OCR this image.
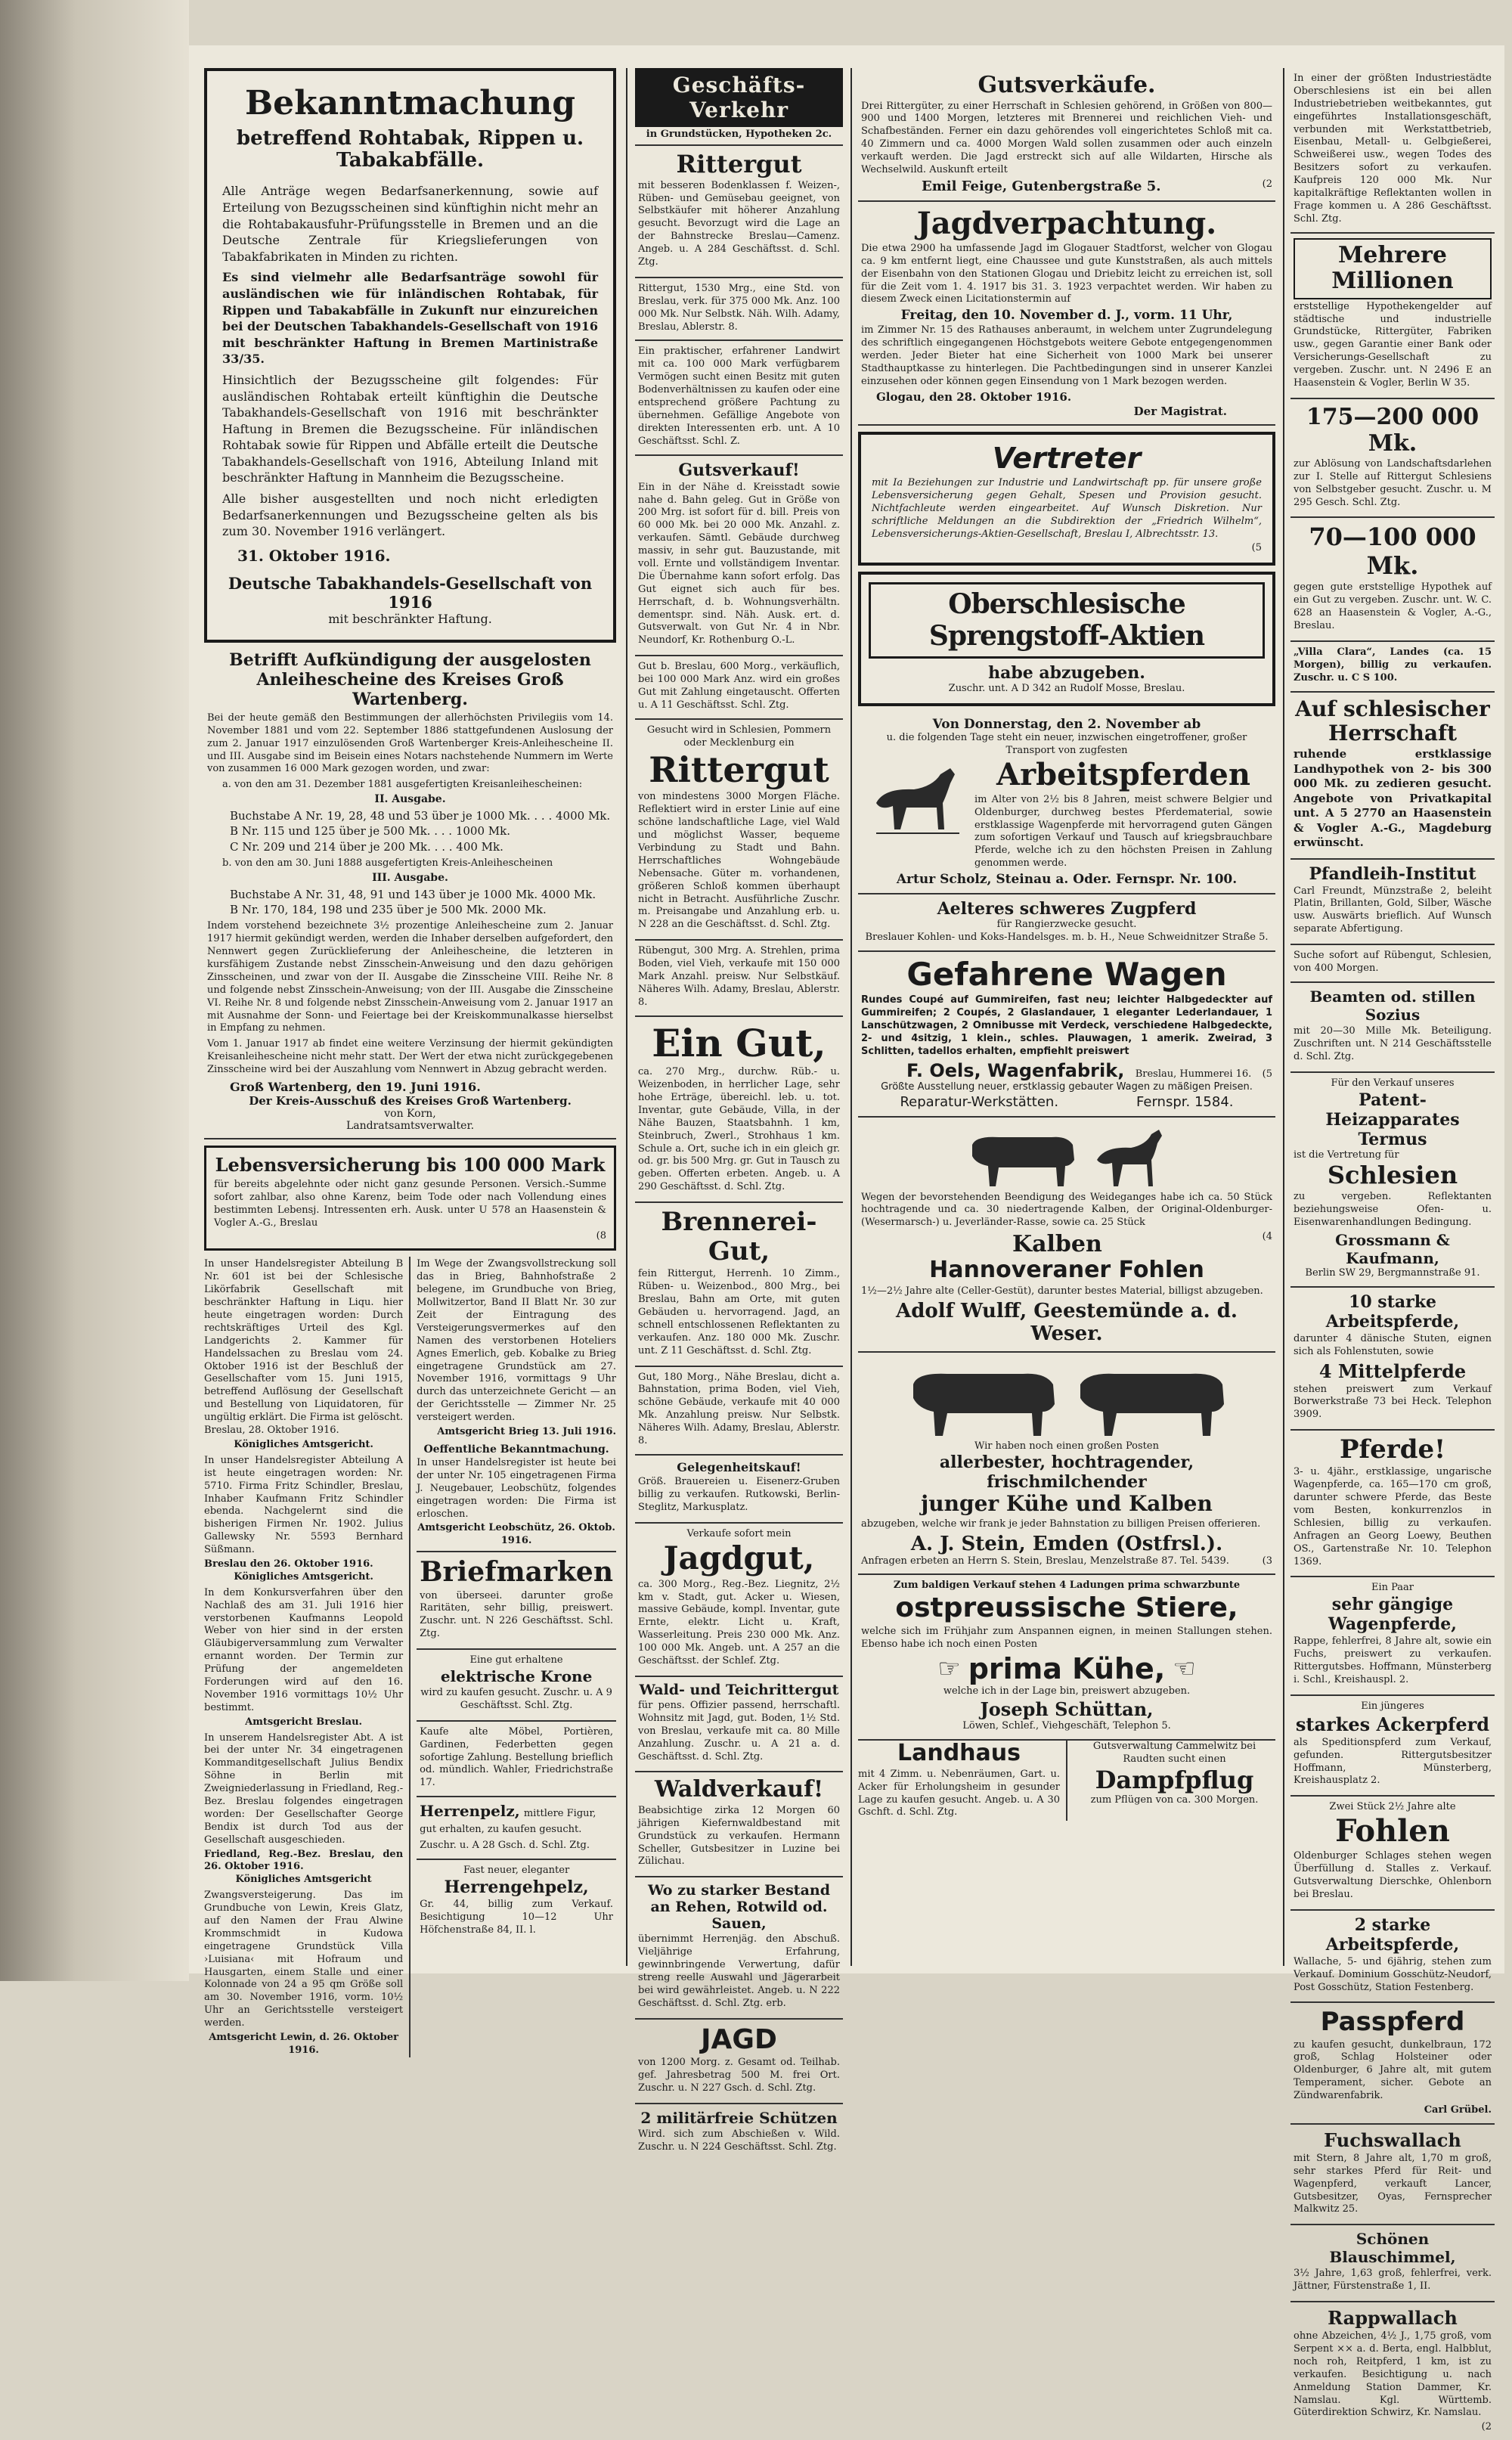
Bekanntmachung
betreffend Rohtabak, Rippen u. Tabakabfälle.

Alle Anträge wegen Bedarfsanerkennung, sowie auf Erteilung von Bezugsscheinen sind künftighin nicht mehr an die Rohtabakausfuhr-Prüfungsstelle in Bremen und an die Deutsche Zentrale für Kriegslieferungen von Tabakfabrikaten in Minden zu richten.

Es sind vielmehr alle Bedarfsanträge sowohl für ausländischen wie für inländischen Rohtabak, für Rippen und Tabakabfälle in Zukunft nur einzureichen bei der Deutschen Tabakhandels-Gesellschaft von 1916 mit beschränkter Haftung in Bremen Martinistraße 33/35.

Hinsichtlich der Bezugsscheine gilt folgendes: Für ausländischen Rohtabak erteilt künftighin die Deutsche Tabakhandels-Gesellschaft von 1916 mit beschränkter Haftung in Bremen die Bezugsscheine. Für inländischen Rohtabak sowie für Rippen und Abfälle erteilt die Deutsche Tabakhandels-Gesellschaft von 1916, Abteilung Inland mit beschränkter Haftung in Mannheim die Bezugsscheine.

Alle bisher ausgestellten und noch nicht erledigten Bedarfsanerkennungen und Bezugsscheine gelten als bis zum 30. November 1916 verlängert.

31. Oktober 1916.
Deutsche Tabakhandels-Gesellschaft von 1916
mit beschränkter Haftung.
Betrifft Aufkündigung der ausgelosten Anleihescheine des Kreises Groß Wartenberg.

Bei der heute gemäß den Bestimmungen der allerhöchsten Privilegiis vom 14. November 1881 und vom 22. September 1886 stattgefundenen Auslosung der zum 2. Januar 1917 einzulösenden Groß Wartenberger Kreis-Anleihescheine II. und III. Ausgabe sind im Beisein eines Notars nachstehende Nummern im Werte von zusammen 16 000 Mark gezogen worden, und zwar:

a. von den am 31. Dezember 1881 ausgefertigten Kreisanleihescheinen:

II. Ausgabe.
Buchstabe A Nr. 19, 28, 48 und 53 über je 1000 Mk. . . . 4000 Mk.
B Nr. 115 und 125 über je 500 Mk. . . . 1000 Mk.
C Nr. 209 und 214 über je 200 Mk. . . . 400 Mk.

b. von den am 30. Juni 1888 ausgefertigten Kreis-Anleihescheinen

III. Ausgabe.
Buchstabe A Nr. 31, 48, 91 und 143 über je 1000 Mk. 4000 Mk.
B Nr. 170, 184, 198 und 235 über je 500 Mk. 2000 Mk.

Indem vorstehend bezeichnete 3½ prozentige Anleihescheine zum 2. Januar 1917 hiermit gekündigt werden, werden die Inhaber derselben aufgefordert, den Nennwert gegen Zurücklieferung der Anleihescheine, die letzteren in kursfähigem Zustande nebst Zinsschein-Anweisung und den dazu gehörigen Zinsscheinen, und zwar von der II. Ausgabe die Zinsscheine VIII. Reihe Nr. 8 und folgende nebst Zinsschein-Anweisung; von der III. Ausgabe die Zinsscheine VI. Reihe Nr. 8 und folgende nebst Zinsschein-Anweisung vom 2. Januar 1917 an mit Ausnahme der Sonn- und Feiertage bei der Kreiskommunalkasse hierselbst in Empfang zu nehmen.

Vom 1. Januar 1917 ab findet eine weitere Verzinsung der hiermit gekündigten Kreisanleihescheine nicht mehr statt. Der Wert der etwa nicht zurückgegebenen Zinsscheine wird bei der Auszahlung vom Nennwert in Abzug gebracht werden.

Groß Wartenberg, den 19. Juni 1916.
Der Kreis-Ausschuß des Kreises Groß Wartenberg.
von Korn,
Landratsamtsverwalter.
Lebensversicherung bis 100 000 Mark

für bereits abgelehnte oder nicht ganz gesunde Personen. Versich.-Summe sofort zahlbar, also ohne Karenz, beim Tode oder nach Vollendung eines bestimmten Lebensj. Intressenten erh. Ausk. unter U 578 an Haasenstein & Vogler A.-G., Breslau

(8

In unser Handelsregister Abteilung B Nr. 601 ist bei der Schlesische Likörfabrik Gesellschaft mit beschränkter Haftung in Liqu. hier heute eingetragen worden: Durch rechtskräftiges Urteil des Kgl. Landgerichts 2. Kammer für Handelssachen zu Breslau vom 24. Oktober 1916 ist der Beschluß der Gesellschafter vom 15. Juni 1915, betreffend Auflösung der Gesellschaft und Bestellung von Liquidatoren, für ungültig erklärt. Die Firma ist gelöscht. Breslau, 28. Oktober 1916.

Königliches Amtsgericht.

In unser Handelsregister Abteilung A ist heute eingetragen worden: Nr. 5710. Firma Fritz Schindler, Breslau, Inhaber Kaufmann Fritz Schindler ebenda. Nachgelernt sind die bisherigen Firmen Nr. 1902. Julius Gallewsky Nr. 5593 Bernhard Süßmann.

Breslau den 26. Oktober 1916.
Königliches Amtsgericht.

In dem Konkursverfahren über den Nachlaß des am 31. Juli 1916 hier verstorbenen Kaufmanns Leopold Weber von hier sind in der ersten Gläubigerversammlung zum Verwalter ernannt worden. Der Termin zur Prüfung der angemeldeten Forderungen wird auf den 16. November 1916 vormittags 10½ Uhr bestimmt.

Amtsgericht Breslau.

In unserem Handelsregister Abt. A ist bei der unter Nr. 34 eingetragenen Kommanditgesellschaft Julius Bendix Söhne in Berlin mit Zweigniederlassung in Friedland, Reg.-Bez. Breslau folgendes eingetragen worden: Der Gesellschafter George Bendix ist durch Tod aus der Gesellschaft ausgeschieden.

Friedland, Reg.-Bez. Breslau, den 26. Oktober 1916.
Königliches Amtsgericht

Zwangsversteigerung. Das im Grundbuche von Lewin, Kreis Glatz, auf den Namen der Frau Alwine Krommschmidt in Kudowa eingetragene Grundstück Villa ›Luisiana‹ mit Hofraum und Hausgarten, einem Stalle und einer Kolonnade von 24 a 95 qm Größe soll am 30. November 1916, vorm. 10½ Uhr an Gerichtsstelle versteigert werden.

Amtsgericht Lewin, d. 26. Oktober 1916.

Im Wege der Zwangsvollstreckung soll das in Brieg, Bahnhofstraße 2 belegene, im Grundbuche von Brieg, Mollwitzertor, Band II Blatt Nr. 30 zur Zeit der Eintragung des Versteigerungsvermerkes auf den Namen des verstorbenen Hoteliers Agnes Emerlich, geb. Kobalke zu Brieg eingetragene Grundstück am 27. November 1916, vormittags 9 Uhr durch das unterzeichnete Gericht — an der Gerichtsstelle — Zimmer Nr. 25 versteigert werden.

Amtsgericht Brieg 13. Juli 1916.
Oeffentliche Bekanntmachung.

In unser Handelsregister ist heute bei der unter Nr. 105 eingetragenen Firma J. Neugebauer, Leobschütz, folgendes eingetragen worden: Die Firma ist erloschen.

Amtsgericht Leobschütz, 26. Oktob. 1916.
Briefmarken

von überseei. darunter große Raritäten, sehr billig, preiswert. Zuschr. unt. N 226 Geschäftsst. Schl. Ztg.

Eine gut erhaltene
elektrische Krone

wird zu kaufen gesucht. Zuschr. u. A 9 Geschäftsst. Schl. Ztg.

Kaufe alte Möbel, Portièren, Gardinen, Federbetten gegen sofortige Zahlung. Bestellung brieflich od. mündlich. Wahler, Friedrichstraße 17.

Herrenpelz, mittlere Figur, gut erhalten, zu kaufen gesucht. Zuschr. u. A 28 Gsch. d. Schl. Ztg.
Fast neuer, eleganter
Herrengehpelz,

Gr. 44, billig zum Verkauf. Besichtigung 10—12 Uhr Höfchenstraße 84, II. l.

Geschäfts-Verkehr
in Grundstücken, Hypotheken 2c.
Rittergut

mit besseren Bodenklassen f. Weizen-, Rüben- und Gemüsebau geeignet, von Selbstkäufer mit höherer Anzahlung gesucht. Bevorzugt wird die Lage an der Bahnstrecke Breslau—Camenz. Angeb. u. A 284 Geschäftsst. d. Schl. Ztg.

Rittergut, 1530 Mrg., eine Std. von Breslau, verk. für 375 000 Mk. Anz. 100 000 Mk. Nur Selbstk. Näh. Wilh. Adamy, Breslau, Ablerstr. 8.

Ein praktischer, erfahrener Landwirt mit ca. 100 000 Mark verfügbarem Vermögen sucht einen Besitz mit guten Bodenverhältnissen zu kaufen oder eine entsprechend größere Pachtung zu übernehmen. Gefällige Angebote von direkten Interessenten erb. unt. A 10 Geschäftsst. Schl. Z.

Gutsverkauf!

Ein in der Nähe d. Kreisstadt sowie nahe d. Bahn geleg. Gut in Größe von 200 Mrg. ist sofort für d. bill. Preis von 60 000 Mk. bei 20 000 Mk. Anzahl. z. verkaufen. Sämtl. Gebäude durchweg massiv, in sehr gut. Bauzustande, mit voll. Ernte und vollständigem Inventar. Die Übernahme kann sofort erfolg. Das Gut eignet sich auch für bes. Herrschaft, d. b. Wohnungsverhältn. dementspr. sind. Näh. Ausk. ert. d. Gutsverwalt. von Gut Nr. 4 in Nbr. Neundorf, Kr. Rothenburg O.-L.

Gut b. Breslau, 600 Morg., verkäuflich, bei 100 000 Mark Anz. wird ein großes Gut mit Zahlung eingetauscht. Offerten u. A 11 Geschäftsst. Schl. Ztg.

Gesucht wird in Schlesien, Pommern oder Mecklenburg ein
Rittergut

von mindestens 3000 Morgen Fläche. Reflektiert wird in erster Linie auf eine schöne landschaftliche Lage, viel Wald und möglichst Wasser, bequeme Verbindung zu Stadt und Bahn. Herrschaftliches Wohngebäude Nebensache. Güter m. vorhandenen, größeren Schloß kommen überhaupt nicht in Betracht. Ausführliche Zuschr. m. Preisangabe und Anzahlung erb. u. N 228 an die Geschäftsst. d. Schl. Ztg.

Rübengut, 300 Mrg. A. Strehlen, prima Boden, viel Vieh, verkaufe mit 150 000 Mark Anzahl. preisw. Nur Selbstkäuf. Näheres Wilh. Adamy, Breslau, Ablerstr. 8.

Ein Gut,

ca. 270 Mrg., durchw. Rüb.- u. Weizenboden, in herrlicher Lage, sehr hohe Erträge, übereichl. leb. u. tot. Inventar, gute Gebäude, Villa, in der Nähe Bauzen, Staatsbahnh. 1 km, Steinbruch, Zwerl., Strohhaus 1 km. Schule a. Ort, suche ich in ein gleich gr. od. gr. bis 500 Mrg. gr. Gut in Tausch zu geben. Offerten erbeten. Angeb. u. A 290 Geschäftsst. d. Schl. Ztg.

Brennerei-Gut,

fein Rittergut, Herrenh. 10 Zimm., Rüben- u. Weizenbod., 800 Mrg., bei Breslau, Bahn am Orte, mit guten Gebäuden u. hervorragend. Jagd, an schnell entschlossenen Reflektanten zu verkaufen. Anz. 180 000 Mk. Zuschr. unt. Z 11 Geschäftsst. d. Schl. Ztg.

Gut, 180 Morg., Nähe Breslau, dicht a. Bahnstation, prima Boden, viel Vieh, schöne Gebäude, verkaufe mit 40 000 Mk. Anzahlung preisw. Nur Selbstk. Näheres Wilh. Adamy, Breslau, Ablerstr. 8.

Gelegenheitskauf!

Größ. Brauereien u. Eisenerz-Gruben billig zu verkaufen. Rutkowski, Berlin-Steglitz, Markusplatz.

Verkaufe sofort mein
Jagdgut,

ca. 300 Morg., Reg.-Bez. Liegnitz, 2½ km v. Stadt, gut. Acker u. Wiesen, massive Gebäude, kompl. Inventar, gute Ernte, elektr. Licht u. Kraft, Wasserleitung. Preis 230 000 Mk. Anz. 100 000 Mk. Angeb. unt. A 257 an die Geschäftsst. der Schlef. Ztg.

Wald- und Teichrittergut

für pens. Offizier passend, herrschaftl. Wohnsitz mit Jagd, gut. Boden, 1½ Std. von Breslau, verkaufe mit ca. 80 Mille Anzahlung. Zuschr. u. A 21 a. d. Geschäftsst. d. Schl. Ztg.

Waldverkauf!

Beabsichtige zirka 12 Morgen 60 jährigen Kiefernwaldbestand mit Grundstück zu verkaufen. Hermann Scheller, Gutsbesitzer in Luzine bei Zülichau.

Wo zu starker Bestand an Rehen, Rotwild od. Sauen,

übernimmt Herrenjäg. den Abschuß. Vieljährige Erfahrung, gewinnbringende Verwertung, dafür streng reelle Auswahl und Jägerarbeit bei wird gewährleistet. Angeb. u. N 222 Geschäftsst. d. Schl. Ztg. erb.

JAGD

von 1200 Morg. z. Gesamt od. Teilhab. gef. Jahresbetrag 500 M. frei Ort. Zuschr. u. N 227 Gsch. d. Schl. Ztg.

2 militärfreie Schützen

Wird. sich zum Abschießen v. Wild. Zuschr. u. N 224 Geschäftsst. Schl. Ztg.

Gutsverkäufe.

Drei Rittergüter, zu einer Herrschaft in Schlesien gehörend, in Größen von 800—900 und 1400 Morgen, letzteres mit Brennerei und reichlichen Vieh- und Schafbeständen. Ferner ein dazu gehörendes voll eingerichtetes Schloß mit ca. 40 Zimmern und ca. 4000 Morgen Wald sollen zusammen oder auch einzeln verkauft werden. Die Jagd erstreckt sich auf alle Wildarten, Hirsche als Wechselwild. Auskunft erteilt

Emil Feige, Gutenbergstraße 5.	(2
Jagdverpachtung.

Die etwa 2900 ha umfassende Jagd im Glogauer Stadtforst, welcher von Glogau ca. 9 km entfernt liegt, eine Chaussee und gute Kunststraßen, als auch mittels der Eisenbahn von den Stationen Glogau und Driebitz leicht zu erreichen ist, soll für die Zeit vom 1. 4. 1917 bis 31. 3. 1923 verpachtet werden. Wir haben zu diesem Zweck einen Licitationstermin auf

Freitag, den 10. November d. J., vorm. 11 Uhr,

im Zimmer Nr. 15 des Rathauses anberaumt, in welchem unter Zugrundelegung des schriftlich eingegangenen Höchstgebots weitere Gebote entgegengenommen werden. Jeder Bieter hat eine Sicherheit von 1000 Mark bei unserer Stadthauptkasse zu hinterlegen. Die Pachtbedingungen sind in unserer Kanzlei einzusehen oder können gegen Einsendung von 1 Mark bezogen werden.

Glogau, den 28. Oktober 1916.
Der Magistrat.
Vertreter

mit Ia Beziehungen zur Industrie und Landwirtschaft pp. für unsere große Lebensversicherung gegen Gehalt, Spesen und Provision gesucht. Nichtfachleute werden eingearbeitet. Auf Wunsch Diskretion. Nur schriftliche Meldungen an die Subdirektion der „Friedrich Wilhelm“, Lebensversicherungs-Aktien-Gesellschaft, Breslau I, Albrechtsstr. 13.

(5
Oberschlesische Sprengstoff-Aktien
habe abzugeben.
Zuschr. unt. A D 342 an Rudolf Mosse, Breslau.
Von Donnerstag, den 2. November ab
u. die folgenden Tage steht ein neuer, inzwischen eingetroffener, großer Transport von zugfesten
Arbeitspferden

im Alter von 2½ bis 8 Jahren, meist schwere Belgier und Oldenburger, durchweg bestes Pferdematerial, sowie erstklassige Wagenpferde mit hervorragend guten Gängen zum sofortigen Verkauf und Tausch auf kriegsbrauchbare Pferde, welche ich zu den höchsten Preisen in Zahlung genommen werde.

Artur Scholz, Steinau a. Oder. Fernspr. Nr. 100.
Aelteres schweres Zugpferd
für Rangierzwecke gesucht.
Breslauer Kohlen- und Koks-Handelsges. m. b. H., Neue Schweidnitzer Straße 5.
Gefahrene Wagen

Rundes Coupé auf Gummireifen, fast neu; leichter Halbgedeckter auf Gummireifen; 2 Coupés, 2 Glaslandauer, 1 eleganter Lederlandauer, 1 Lanschützwagen, 2 Omnibusse mit Verdeck, verschiedene Halbgedeckte, 2- und 4sitzig, 1 klein., schles. Plauwagen, 1 amerik. Zweirad, 3 Schlitten, tadellos erhalten, empfiehlt preiswert

F. Oels, Wagenfabrik, Breslau, Hummerei 16. (5
Größte Ausstellung neuer, erstklassig gebauter Wagen zu mäßigen Preisen.
Reparatur-Werkstätten.	Fernspr. 1584.

Wegen der bevorstehenden Beendigung des Weideganges habe ich ca. 50 Stück hochtragende und ca. 30 niedertragende Kalben, der Original-Oldenburger- (Wesermarsch-) u. Jeverländer-Rasse, sowie ca. 25 Stück

Kalben	(4
Hannoveraner Fohlen

1½—2½ Jahre alte (Celler-Gestüt), darunter bestes Material, billigst abzugeben.

Adolf Wulff, Geestemünde a. d. Weser.
Wir haben noch einen großen Posten
allerbester, hochtragender, frischmilchender
junger Kühe und Kalben

abzugeben, welche wir frank je jeder Bahnstation zu billigen Preisen offerieren.

A. J. Stein, Emden (Ostfrsl.).
Anfragen erbeten an Herrn S. Stein, Breslau, Menzelstraße 87. Tel. 5439.	(3
Zum baldigen Verkauf stehen 4 Ladungen prima schwarzbunte
ostpreussische Stiere,

welche sich im Frühjahr zum Anspannen eignen, in meinen Stallungen stehen. Ebenso habe ich noch einen Posten

☞ prima Kühe, ☜
welche ich in der Lage bin, preiswert abzugeben.
Joseph Schüttan,
Löwen, Schlef., Viehgeschäft, Telephon 5.
Landhaus

mit 4 Zimm. u. Nebenräumen, Gart. u. Acker für Erholungsheim in gesunder Lage zu kaufen gesucht. Angeb. u. A 30 Gschft. d. Schl. Ztg.

Gutsverwaltung Cammelwitz bei Raudten sucht einen
Dampfpflug
zum Pflügen von ca. 300 Morgen.

In einer der größten Industriestädte Oberschlesiens ist ein bei allen Industriebetrieben weitbekanntes, gut eingeführtes Installationsgeschäft, verbunden mit Werkstattbetrieb, Eisenbau, Metall- u. Gelbgießerei, Schweißerei usw., wegen Todes des Besitzers sofort zu verkaufen. Kaufpreis 120 000 Mk. Nur kapitalkräftige Reflektanten wollen in Frage kommen u. A 286 Geschäftsst. Schl. Ztg.

Mehrere Millionen

erststellige Hypothekengelder auf städtische und industrielle Grundstücke, Rittergüter, Fabriken usw., gegen Garantie einer Bank oder Versicherungs-Gesellschaft zu vergeben. Zuschr. unt. N 2496 E an Haasenstein & Vogler, Berlin W 35.

175—200 000 Mk.

zur Ablösung von Landschaftsdarlehen zur I. Stelle auf Rittergut Schlesiens von Selbstgeber gesucht. Zuschr. u. M 295 Gesch. Schl. Ztg.

70—100 000 Mk.

gegen gute erststellige Hypothek auf ein Gut zu vergeben. Zuschr. unt. W. C. 628 an Haasenstein & Vogler, A.-G., Breslau.

„Villa Clara“, Landes (ca. 15 Morgen), billig zu verkaufen. Zuschr. u. C S 100.

Auf schlesischer Herrschaft

ruhende erstklassige Landhypothek von 2- bis 300 000 Mk. zu zedieren gesucht. Angebote von Privatkapital unt. A 5 2770 an Haasenstein & Vogler A.-G., Magdeburg erwünscht.

Pfandleih-Institut

Carl Freundt, Münzstraße 2, beleiht Platin, Brillanten, Gold, Silber, Wäsche usw. Auswärts brieflich. Auf Wunsch separate Abfertigung.

Suche sofort auf Rübengut, Schlesien, von 400 Morgen.

Beamten od. stillen Sozius

mit 20—30 Mille Mk. Beteiligung. Zuschriften unt. N 214 Geschäftsstelle d. Schl. Ztg.

Für den Verkauf unseres
Patent-Heizapparates Termus
ist die Vertretung für
Schlesien

zu vergeben. Reflektanten beziehungsweise Ofen- u. Eisenwarenhandlungen Bedingung.

Grossmann & Kaufmann,
Berlin SW 29, Bergmannstraße 91.
10 starke Arbeitspferde,

darunter 4 dänische Stuten, eignen sich als Fohlenstuten, sowie

4 Mittelpferde

stehen preiswert zum Verkauf Borwerkstraße 73 bei Heck. Telephon 3909.

Pferde!

3- u. 4jähr., erstklassige, ungarische Wagenpferde, ca. 165—170 cm groß, darunter schwere Pferde, das Beste vom Besten, konkurrenzlos in Schlesien, billig zu verkaufen. Anfragen an Georg Loewy, Beuthen OS., Gartenstraße Nr. 10. Telephon 1369.

Ein Paar
sehr gängige Wagenpferde,

Rappe, fehlerfrei, 8 Jahre alt, sowie ein Fuchs, preiswert zu verkaufen. Rittergutsbes. Hoffmann, Münsterberg i. Schl., Kreishauspl. 2.

Ein jüngeres
starkes Ackerpferd

als Speditionspferd zum Verkauf, gefunden. Rittergutsbesitzer Hoffmann, Münsterberg, Kreishausplatz 2.

Zwei Stück 2½ Jahre alte
Fohlen

Oldenburger Schlages stehen wegen Überfüllung d. Stalles z. Verkauf. Gutsverwaltung Dierschke, Ohlenborn bei Breslau.

2 starke Arbeitspferde,

Wallache, 5- und 6jährig, stehen zum Verkauf. Dominium Gosschütz-Neudorf, Post Gosschütz, Station Festenberg.

Passpferd

zu kaufen gesucht, dunkelbraun, 172 groß, Schlag Holsteiner oder Oldenburger, 6 Jahre alt, mit gutem Temperament, sicher. Gebote an Zündwarenfabrik.

Carl Grübel.
Fuchswallach

mit Stern, 8 Jahre alt, 1,70 m groß, sehr starkes Pferd für Reit- und Wagenpferd, verkauft Lancer, Gutsbesitzer, Oyas, Fernsprecher Malkwitz 25.

Schönen Blauschimmel,

3½ Jahre, 1,63 groß, fehlerfrei, verk. Jättner, Fürstenstraße 1, II.

Rappwallach

ohne Abzeichen, 4½ J., 1,75 groß, vom Serpent ×× a. d. Berta, engl. Halbblut, noch roh, Reitpferd, 1 km, ist zu verkaufen. Besichtigung u. nach Anmeldung Station Dammer, Kr. Namslau. Kgl. Württemb. Güterdirektion Schwirz, Kr. Namslau.

(2
